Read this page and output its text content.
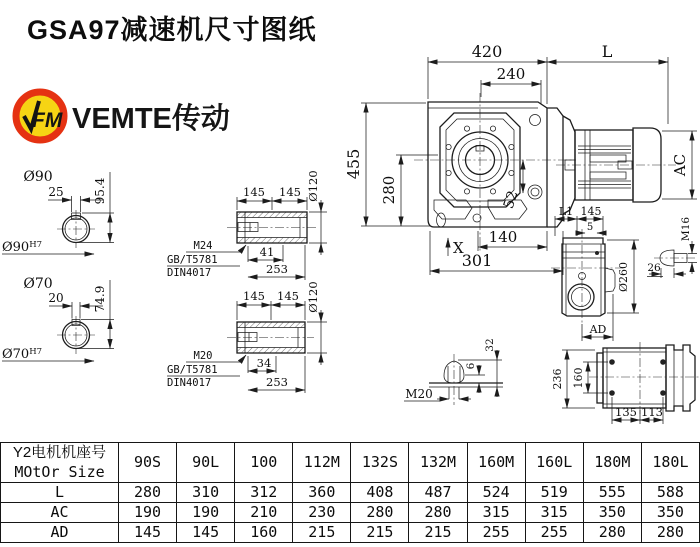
GSA97减速机尺寸图纸
FM VEMTE传动
420	L
240
455
280	52
140
301
X
AC
Ø90
25 95.4
$Ø90^{H7}$
Ø70
20 74.9
$Ø70^{H7}$
145 145 Ø120
41
253
M24
GB/T5781
DIN4017
145 145 Ø120
34
253
M20
GB/T5781
DIN4017
L1 145
5
Ø260
AD
26
M16
M20
6
32
236 160
135 113
Y2电机机座号
MOtOr Size	90S	90L	100	112M	132S	132M	160M	160L	180M	180L
L	280	310	312	360	408	487	524	519	555	588
AC	190	190	210	230	280	280	315	315	350	350
AD	145	145	160	215	215	215	255	255	280	280
